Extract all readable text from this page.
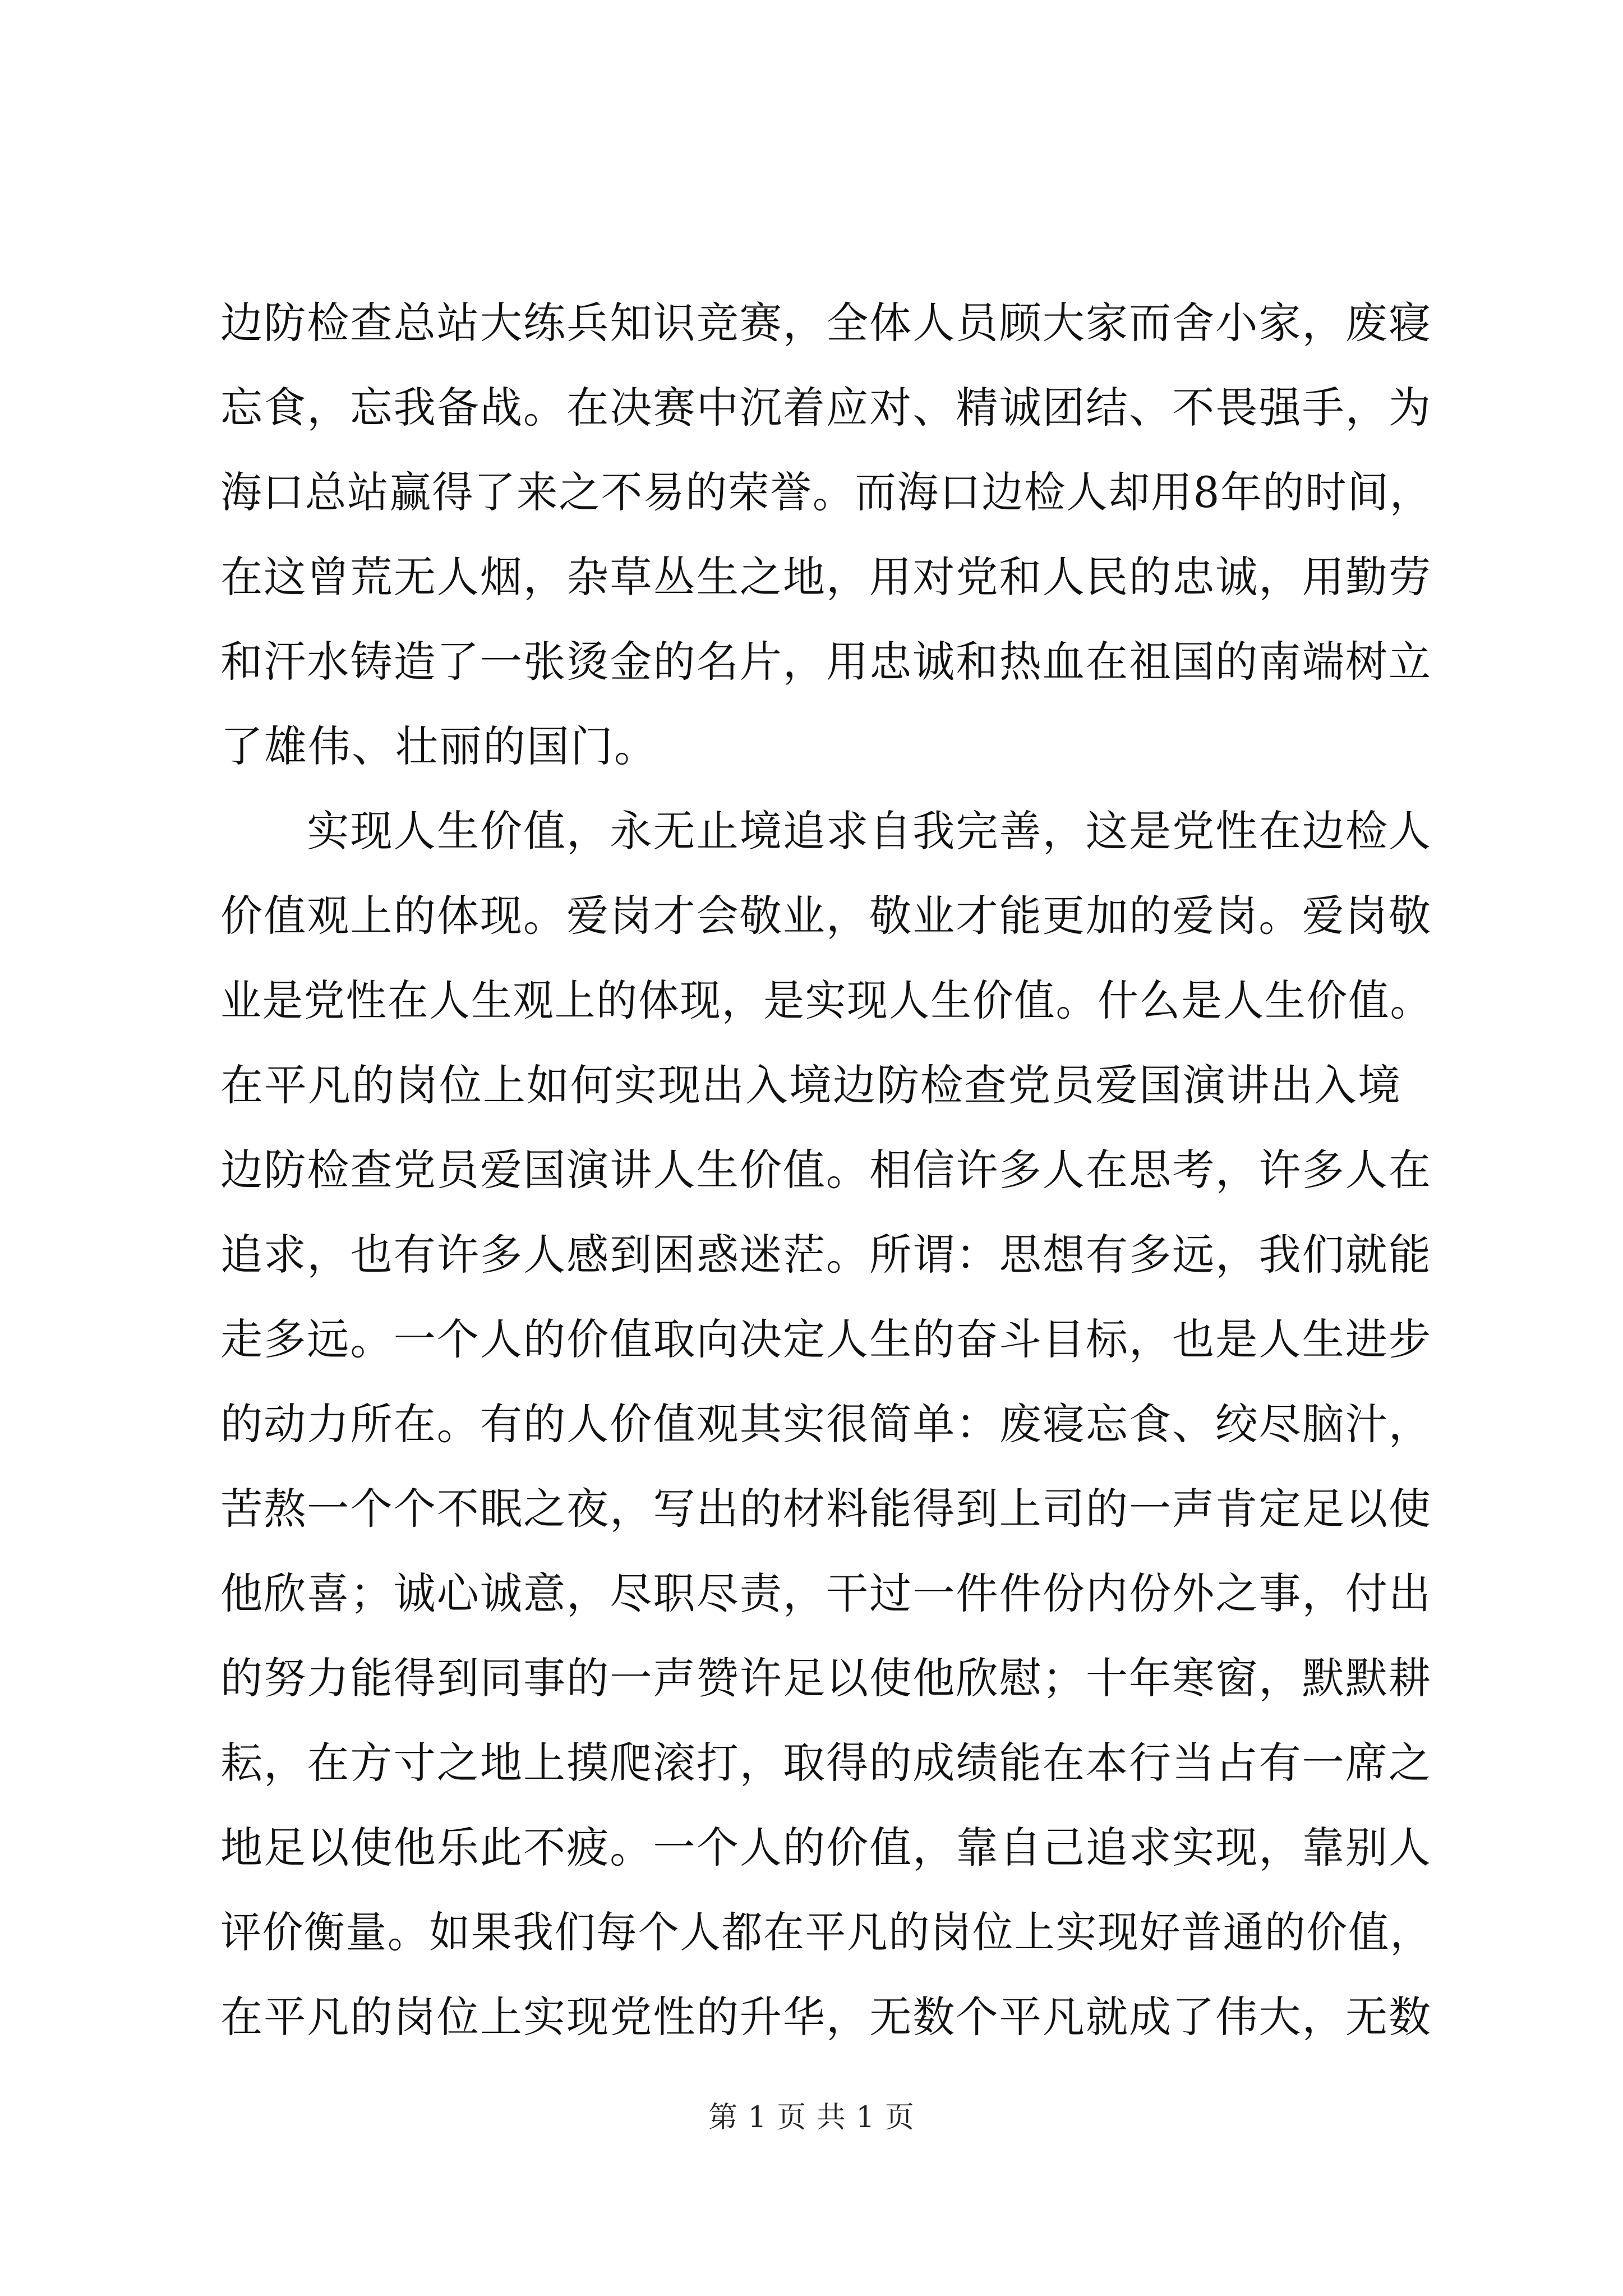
边防检查总站大练兵知识竞赛，全体人员顾大家而舍小家，废寝
忘食，忘我备战。在决赛中沉着应对、精诚团结、不畏强手，为
海口总站赢得了来之不易的荣誉。而海口边检人却用8年的时间，
在这曾荒无人烟，杂草丛生之地，用对党和人民的忠诚，用勤劳
和汗水铸造了一张烫金的名片，用忠诚和热血在祖国的南端树立
了雄伟、壮丽的国门。
　　实现人生价值，永无止境追求自我完善，这是党性在边检人
价值观上的体现。爱岗才会敬业，敬业才能更加的爱岗。爱岗敬
业是党性在人生观上的体现，是实现人生价值。什么是人生价值。
在平凡的岗位上如何实现出入境边防检查党员爱国演讲出入境
边防检查党员爱国演讲人生价值。相信许多人在思考，许多人在
追求，也有许多人感到困惑迷茫。所谓：思想有多远，我们就能
走多远。一个人的价值取向决定人生的奋斗目标，也是人生进步
的动力所在。有的人价值观其实很简单：废寝忘食、绞尽脑汁，
苦熬一个个不眠之夜，写出的材料能得到上司的一声肯定足以使
他欣喜；诚心诚意，尽职尽责，干过一件件份内份外之事，付出
的努力能得到同事的一声赞许足以使他欣慰；十年寒窗，默默耕
耘，在方寸之地上摸爬滚打，取得的成绩能在本行当占有一席之
地足以使他乐此不疲。一个人的价值，靠自己追求实现，靠别人
评价衡量。如果我们每个人都在平凡的岗位上实现好普通的价值，
在平凡的岗位上实现党性的升华，无数个平凡就成了伟大，无数
第 1 页 共 1 页
